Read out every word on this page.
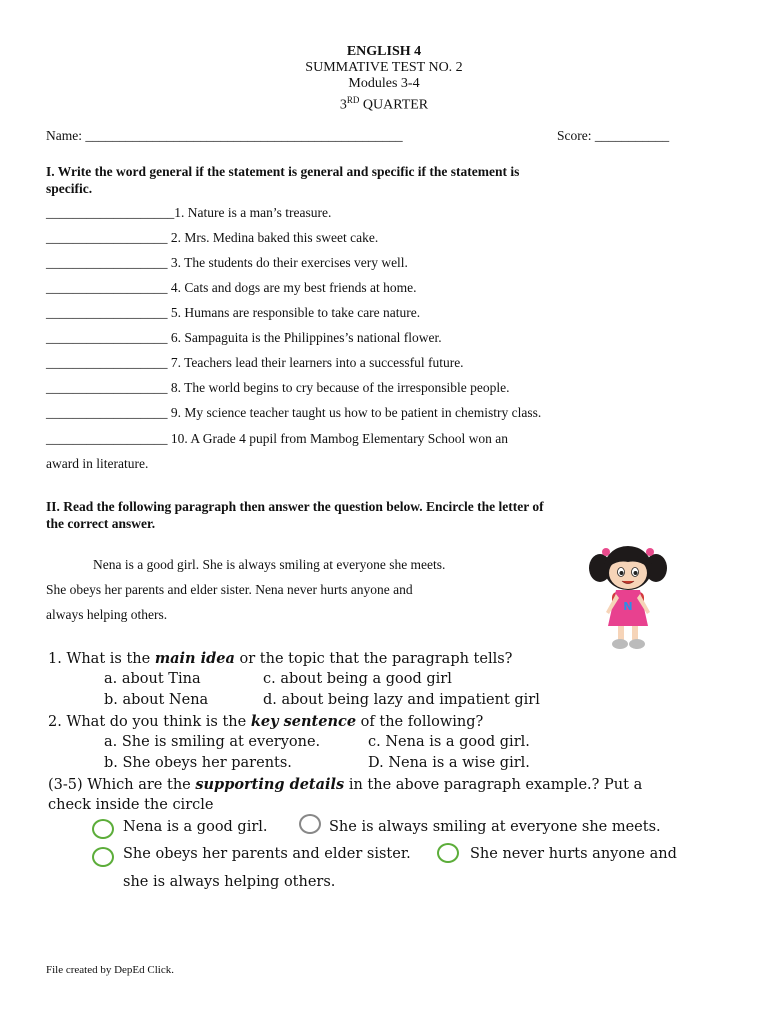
ENGLISH 4
SUMMATIVE TEST NO. 2
Modules 3-4
3RD QUARTER
Name: _______________________________________________	Score: ___________
I. Write the word general if the statement is general and specific if the statement is
specific.
___________________1. Nature is a man’s treasure.
__________________ 2. Mrs. Medina baked this sweet cake.
__________________ 3. The students do their exercises very well.
__________________ 4. Cats and dogs are my best friends at home.
__________________ 5. Humans are responsible to take care nature.
__________________ 6. Sampaguita is the Philippines’s national flower.
__________________ 7. Teachers lead their learners into a successful future.
__________________ 8. The world begins to cry because of the irresponsible people.
__________________ 9. My science teacher taught us how to be patient in chemistry class.
__________________ 10. A Grade 4 pupil from Mambog Elementary School won an
award in literature.
II. Read the following paragraph then answer the question below. Encircle the letter of
the correct answer.
Nena is a good girl. She is always smiling at everyone she meets.
She obeys her parents and elder sister. Nena never hurts anyone and
always helping others.
N
1. What is the main idea or the topic that the paragraph tells?
a. about Tina	c. about being a good girl
b. about Nena	d. about being lazy and impatient girl
2. What do you think is the key sentence of the following?
a. She is smiling at everyone.	c. Nena is a good girl.
b. She obeys her parents.	D. Nena is a wise girl.
(3-5) Which are the supporting details in the above paragraph example.? Put a
check inside the circle
Nena is a good girl.	She is always smiling at everyone she meets.
She obeys her parents and elder sister.	She never hurts anyone and
she is always helping others.
File created by DepEd Click.
